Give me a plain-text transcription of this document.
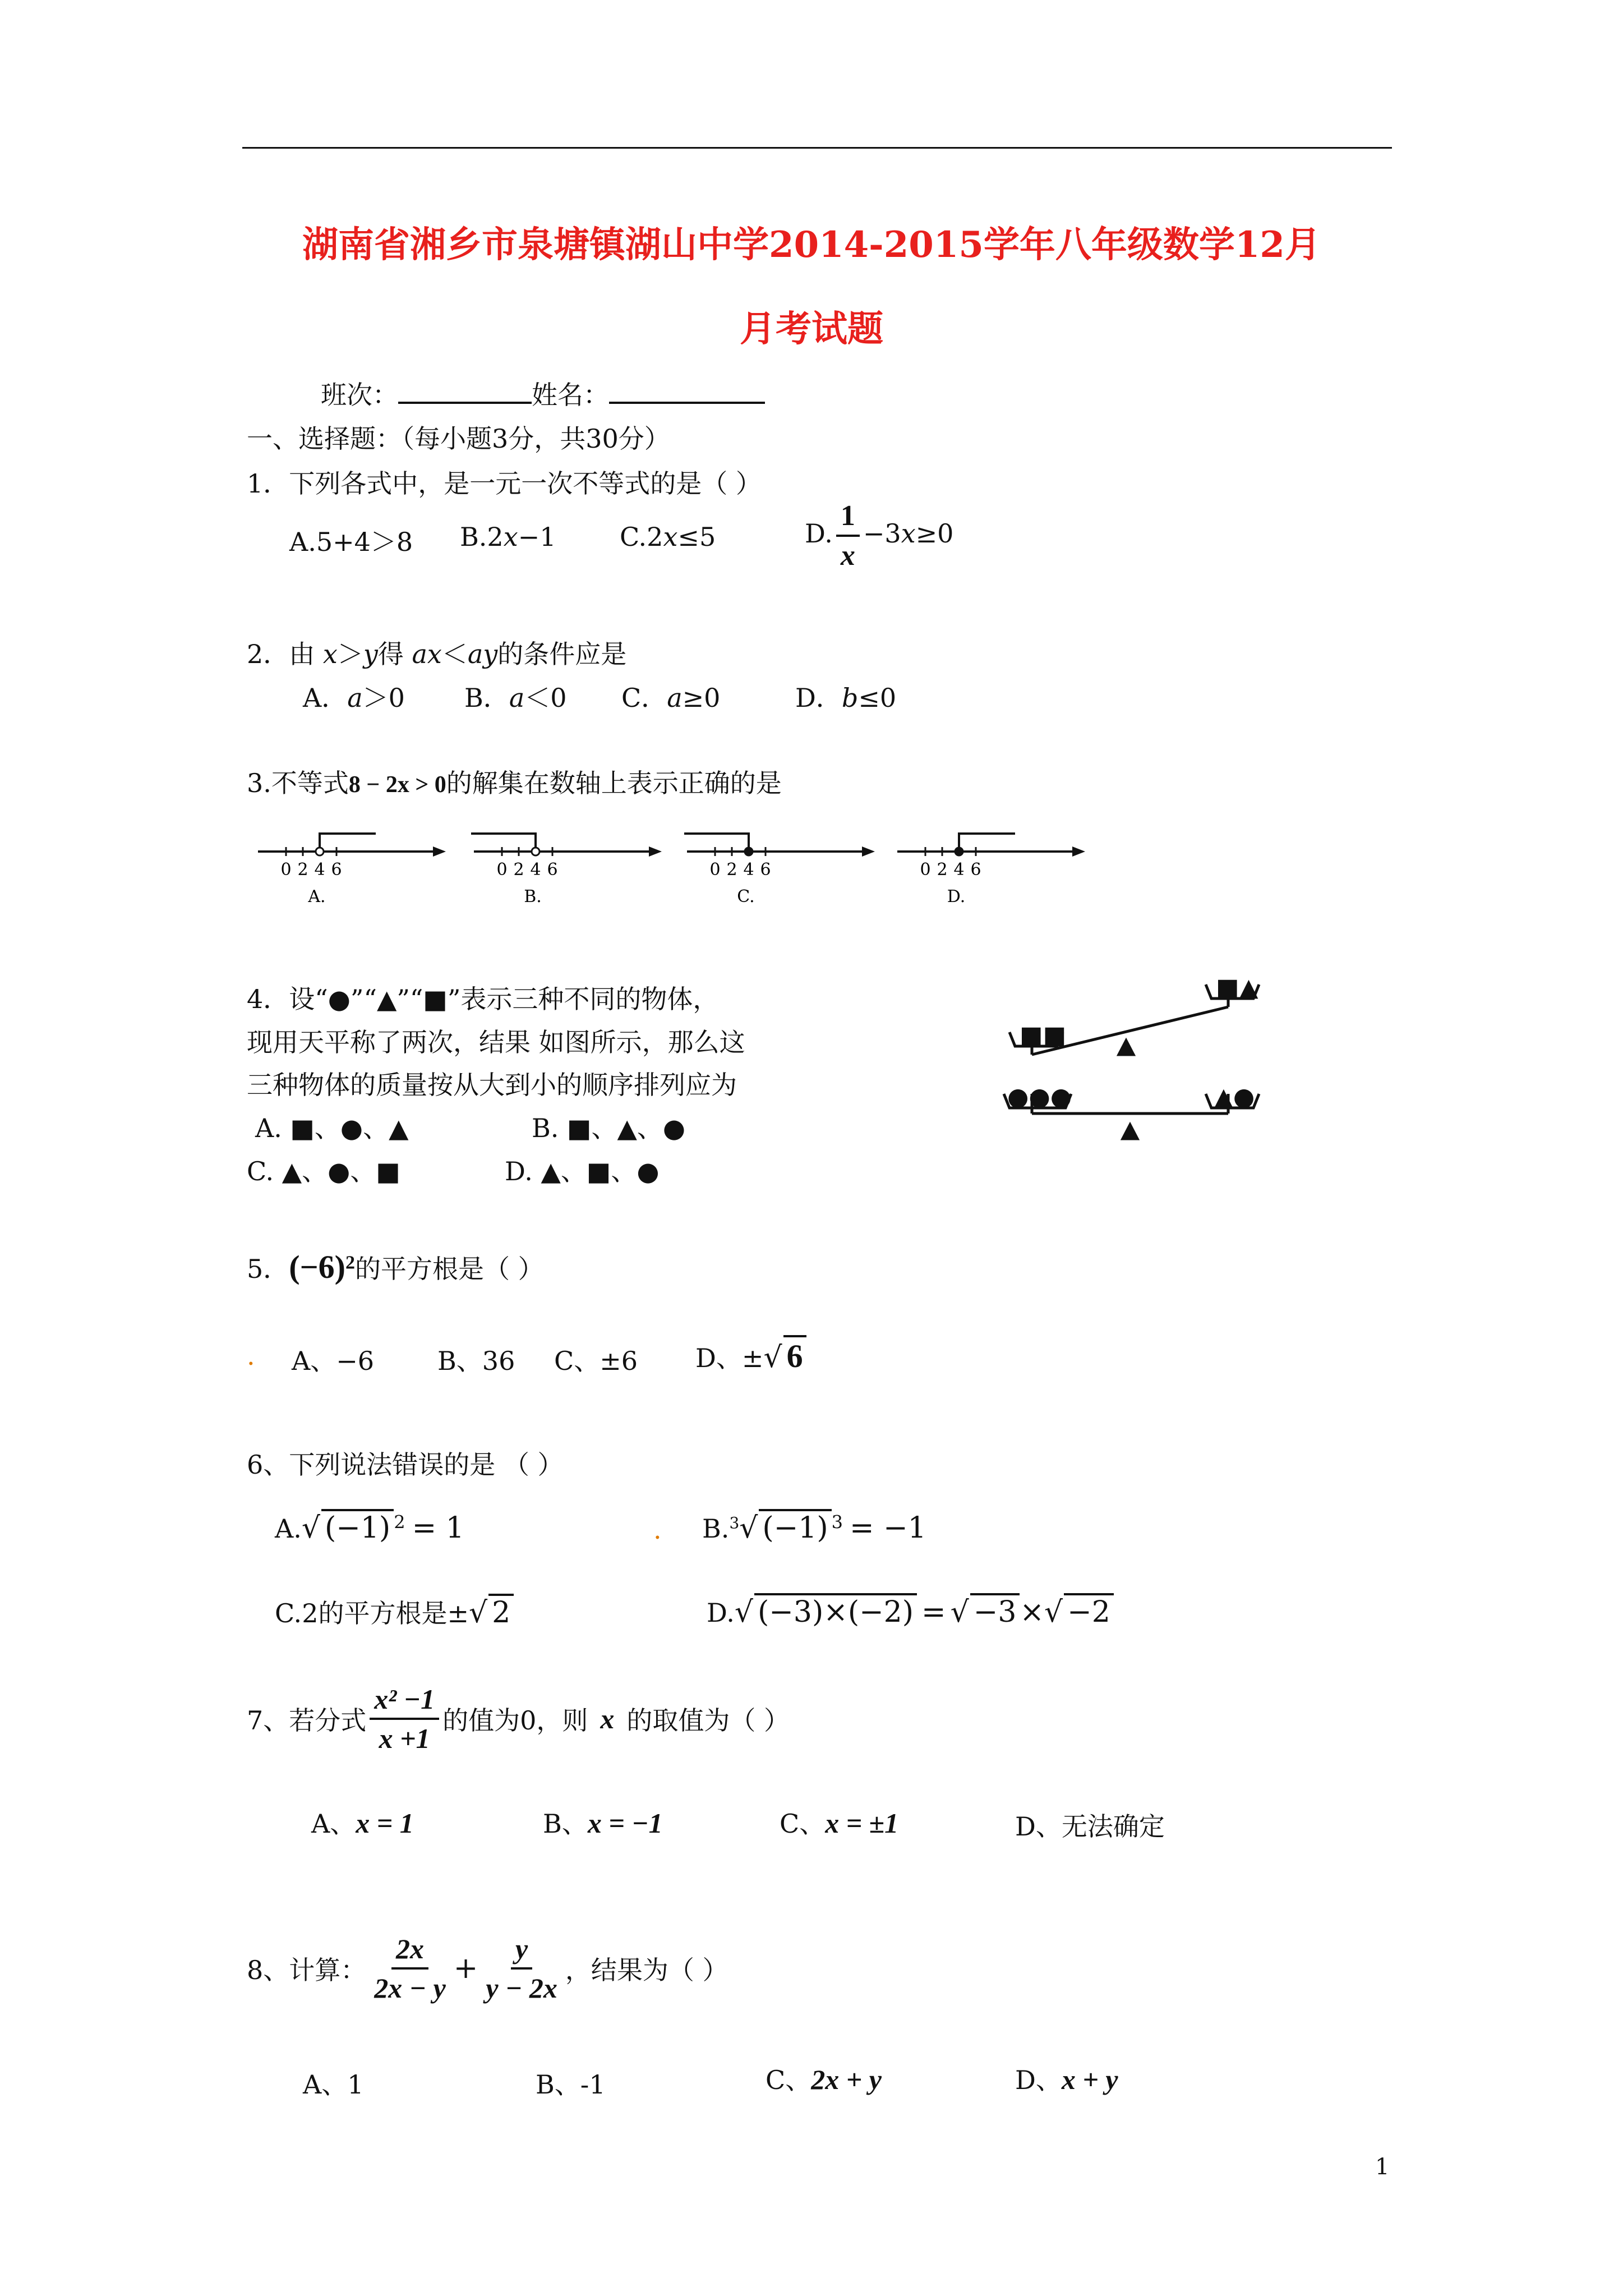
湖南省湘乡市泉塘镇湖山中学2014-2015学年八年级数学12月
月考试题
班次：	姓名：
一、选择题：（每小题3分，共30分）
1．下列各式中，是一元一次不等式的是（ ）
A.5+4＞8 B.2x−1 C.2x≤5	D. $\frac{1}{x} -3x\ge 0$
2．由 x＞y得 ax＜ay的条件应是
A．a＞0 B．a＜0 C．a≥0	D．b≤0
3.不等式8 − 2x > 0的解集在数轴上表示正确的是
0 2 4 6
A.
0 2 4 6
B.
0 2 4 6
C.
0 2 4 6
D.
4．设“●”“▲”“■”表示三种不同的物体，
现用天平称了两次，结果 如图所示，那么这
三种物体的质量按从大到小的顺序排列应为
A. ■、●、▲	B. ■、▲、●
C. ▲、●、■	D. ▲、■、●
■■
■▲
●●●	▲●
5．$(-6)^2$的平方根是（ ）
. A、−6 B、36 C、±6 D、±√ 6
6、下列说法错误的是 （ ）
A.√ (−1) $^2$ = 1	. B.$^3$√ (−1) $^3$ = −1
C.2的平方根是±√ 2	D.√ (−3)×(−2) = √ −3 ×√ −2
7、若分式 $\frac{\text{x² −1}}{x +1}$ 的值为0，则 x 的取值为（ ）
A、x = 1	B、x = −1	C、x = ±1	D、无法确定
8、计算： $\frac{2x}{2x - y} + \frac{y}{y - 2x}$ ，结果为（ ）
A、1	B、-1	C、2x + y	D、x + y
1
